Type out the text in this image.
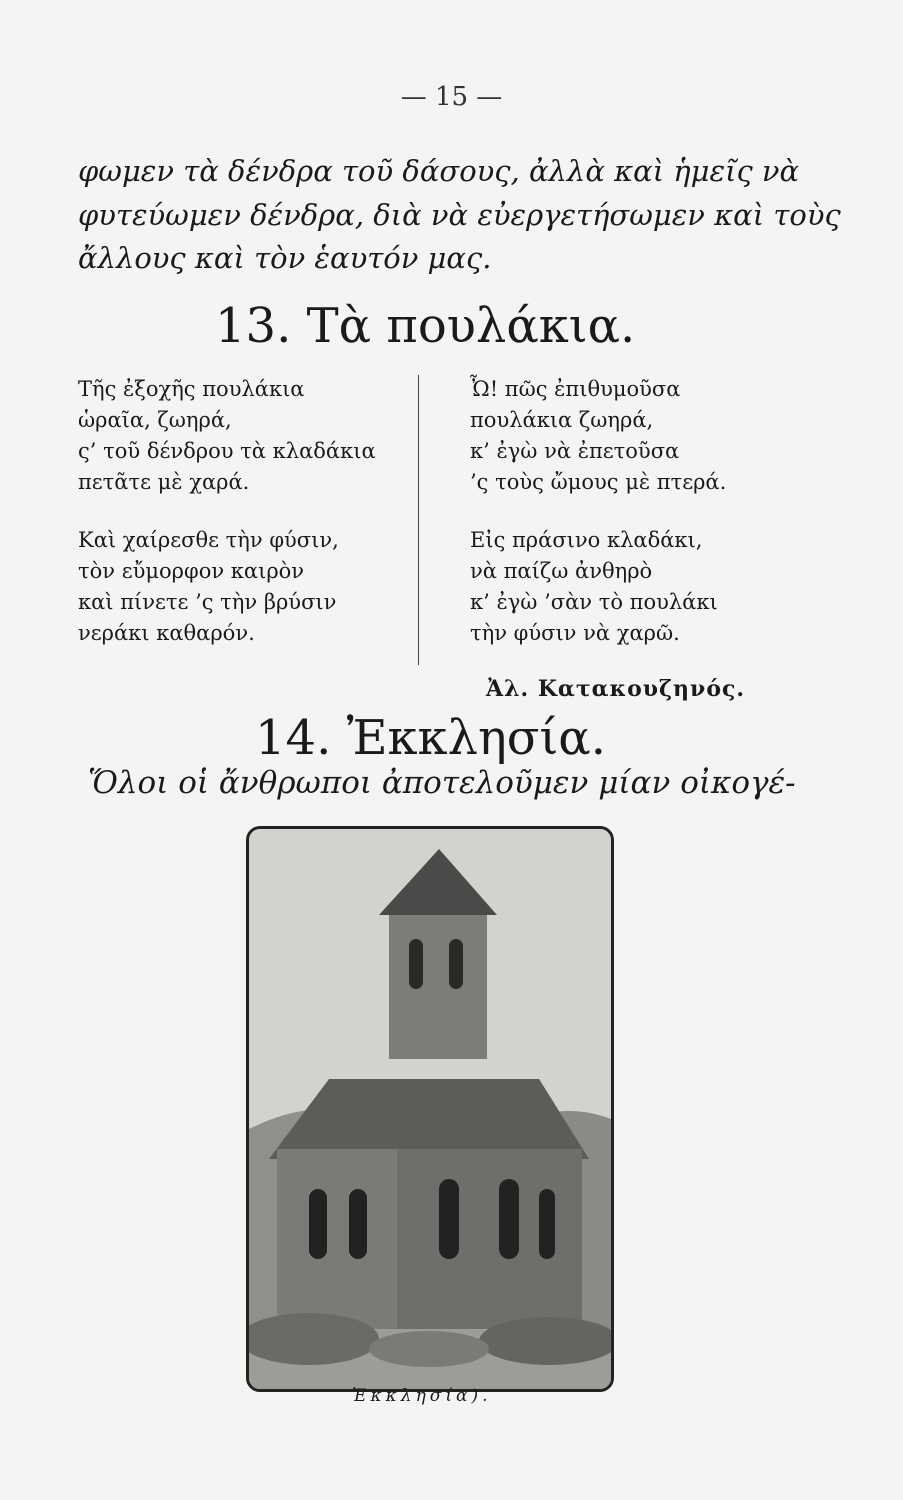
— 15 —
φωμεν τὰ δένδρα τοῦ δάσους, ἀλλὰ καὶ ἡμεῖς νὰ
φυτεύωμεν δένδρα, διὰ νὰ εὐεργετήσωμεν καὶ τοὺς
ἄλλους καὶ τὸν ἑαυτόν μας.
13. Τὰ πουλάκια.
Τῆς ἐξοχῆς πουλάκια
ὡραῖα, ζωηρά,
ς’ τοῦ δένδρου τὰ κλαδάκια
πετᾶτε μὲ χαρά.
Καὶ χαίρεσθε τὴν φύσιν,
τὸν εὔμορφον καιρὸν
καὶ πίνετε ’ς τὴν βρύσιν
νεράκι καθαρόν.
Ὦ! πῶς ἐπιθυμοῦσα
πουλάκια ζωηρά,
κ’ ἐγὼ νὰ ἐπετοῦσα
’ς τοὺς ὤμους μὲ πτερά.
Εἰς πράσινο κλαδάκι,
νὰ παίζω ἀνθηρὸ
κ’ ἐγὼ ’σὰν τὸ πουλάκι
τὴν φύσιν νὰ χαρῶ.
Ἀλ. Κατακουζηνός.
14. Ἐκκλησία.
Ὅλοι οἱ ἄνθρωποι ἀποτελοῦμεν μίαν οἰκογέ-
Ἐκκλησία).
